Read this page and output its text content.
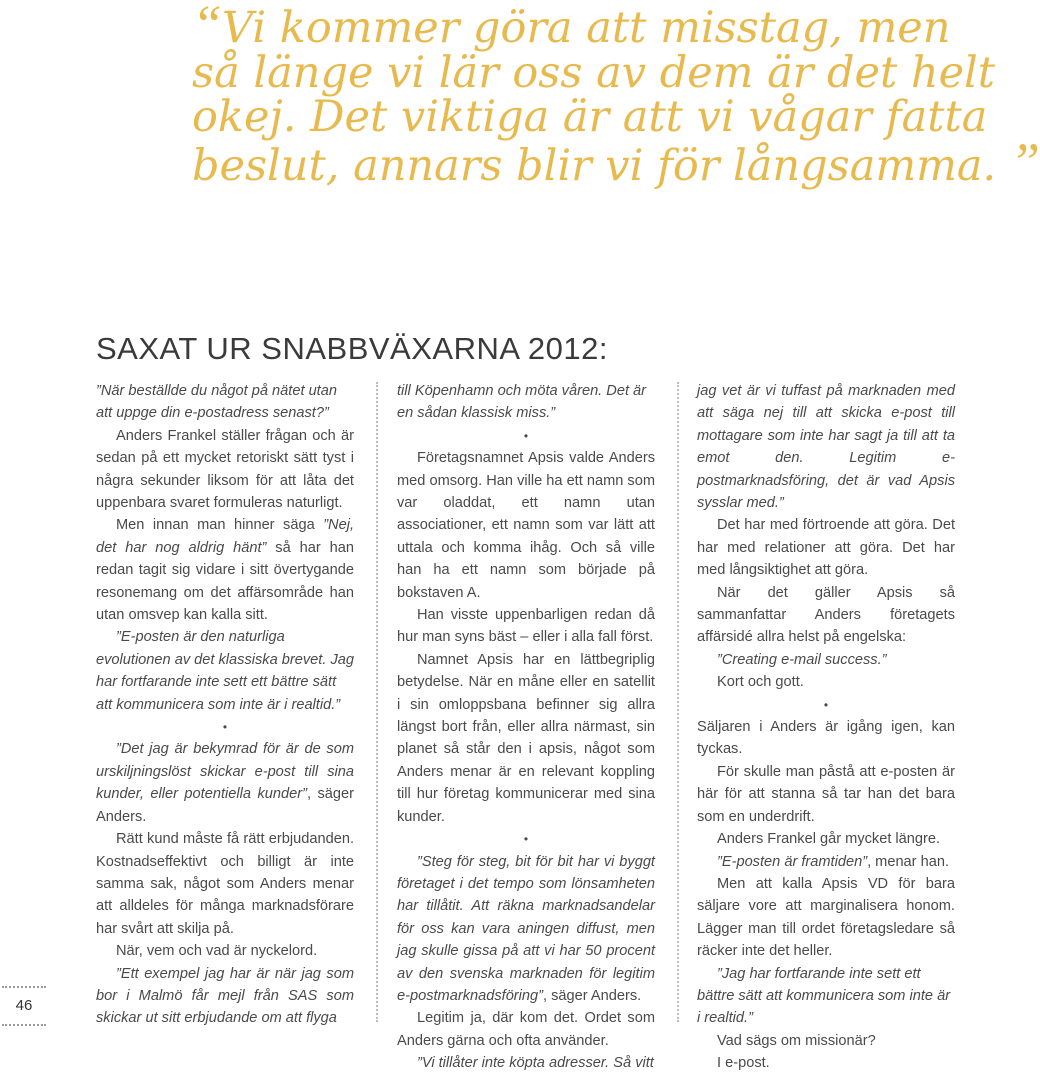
“Vi kommer göra att misstag, men
så länge vi lär oss av dem är det helt
okej. Det viktiga är att vi vågar fatta
beslut, annars blir vi för långsamma. ”
SAXAT UR SNABBVÄXARNA 2012:

”När beställde du något på nätet utan att uppge din e-postadress senast?”

Anders Frankel ställer frågan och är sedan på ett mycket retoriskt sätt tyst i några sekunder liksom för att låta det uppenbara svaret formuleras naturligt.

Men innan man hinner säga ”Nej, det har nog aldrig hänt” så har han redan tagit sig vidare i sitt övertygande resonemang om det affärsområde han utan omsvep kan kalla sitt.

”E-posten är den naturliga evolutionen av det klassiska brevet. Jag har fortfarande inte sett ett bättre sätt att kommunicera som inte är i realtid.”

•

”Det jag är bekymrad för är de som urskiljningslöst skickar e-post till sina kunder, eller potentiella kunder”, säger Anders.

Rätt kund måste få rätt erbjudanden. Kostnadseffektivt och billigt är inte samma sak, något som Anders menar att alldeles för många marknadsförare har svårt att skilja på.

När, vem och vad är nyckelord.

”Ett exempel jag har är när jag som bor i Malmö får mejl från SAS som skickar ut sitt erbjudande om att flyga

till Köpenhamn och möta våren. Det är en sådan klassisk miss.”

•

Företagsnamnet Apsis valde Anders med omsorg. Han ville ha ett namn som var oladdat, ett namn utan associationer, ett namn som var lätt att uttala och komma ihåg. Och så ville han ha ett namn som började på bokstaven A.

Han visste uppenbarligen redan då hur man syns bäst – eller i alla fall först.

Namnet Apsis har en lättbegriplig betydelse. När en måne eller en satellit i sin omloppsbana befinner sig allra längst bort från, eller allra närmast, sin planet så står den i apsis, något som Anders menar är en relevant koppling till hur företag kommunicerar med sina kunder.

•

”Steg för steg, bit för bit har vi byggt företaget i det tempo som lönsamheten har tillåtit. Att räkna marknadsandelar för oss kan vara aningen diffust, men jag skulle gissa på att vi har 50 procent av den svenska marknaden för legitim e-postmarknadsföring”, säger Anders.

Legitim ja, där kom det. Ordet som Anders gärna och ofta använder.

”Vi tillåter inte köpta adresser. Så vitt

jag vet är vi tuffast på marknaden med att säga nej till att skicka e-post till mottagare som inte har sagt ja till att ta emot den. Legitim e-postmarknadsföring, det är vad Apsis sysslar med.”

Det har med förtroende att göra. Det har med relationer att göra. Det har med långsiktighet att göra.

När det gäller Apsis så sammanfattar Anders företagets affärsidé allra helst på engelska:

”Creating e-mail success.”

Kort och gott.

•

Säljaren i Anders är igång igen, kan tyckas.

För skulle man påstå att e-posten är här för att stanna så tar han det bara som en underdrift.

Anders Frankel går mycket längre.

”E-posten är framtiden”, menar han.

Men att kalla Apsis VD för bara säljare vore att marginalisera honom. Lägger man till ordet företagsledare så räcker inte det heller.

”Jag har fortfarande inte sett ett bättre sätt att kommunicera som inte är i realtid.”

Vad sägs om missionär?

I e-post.

46
